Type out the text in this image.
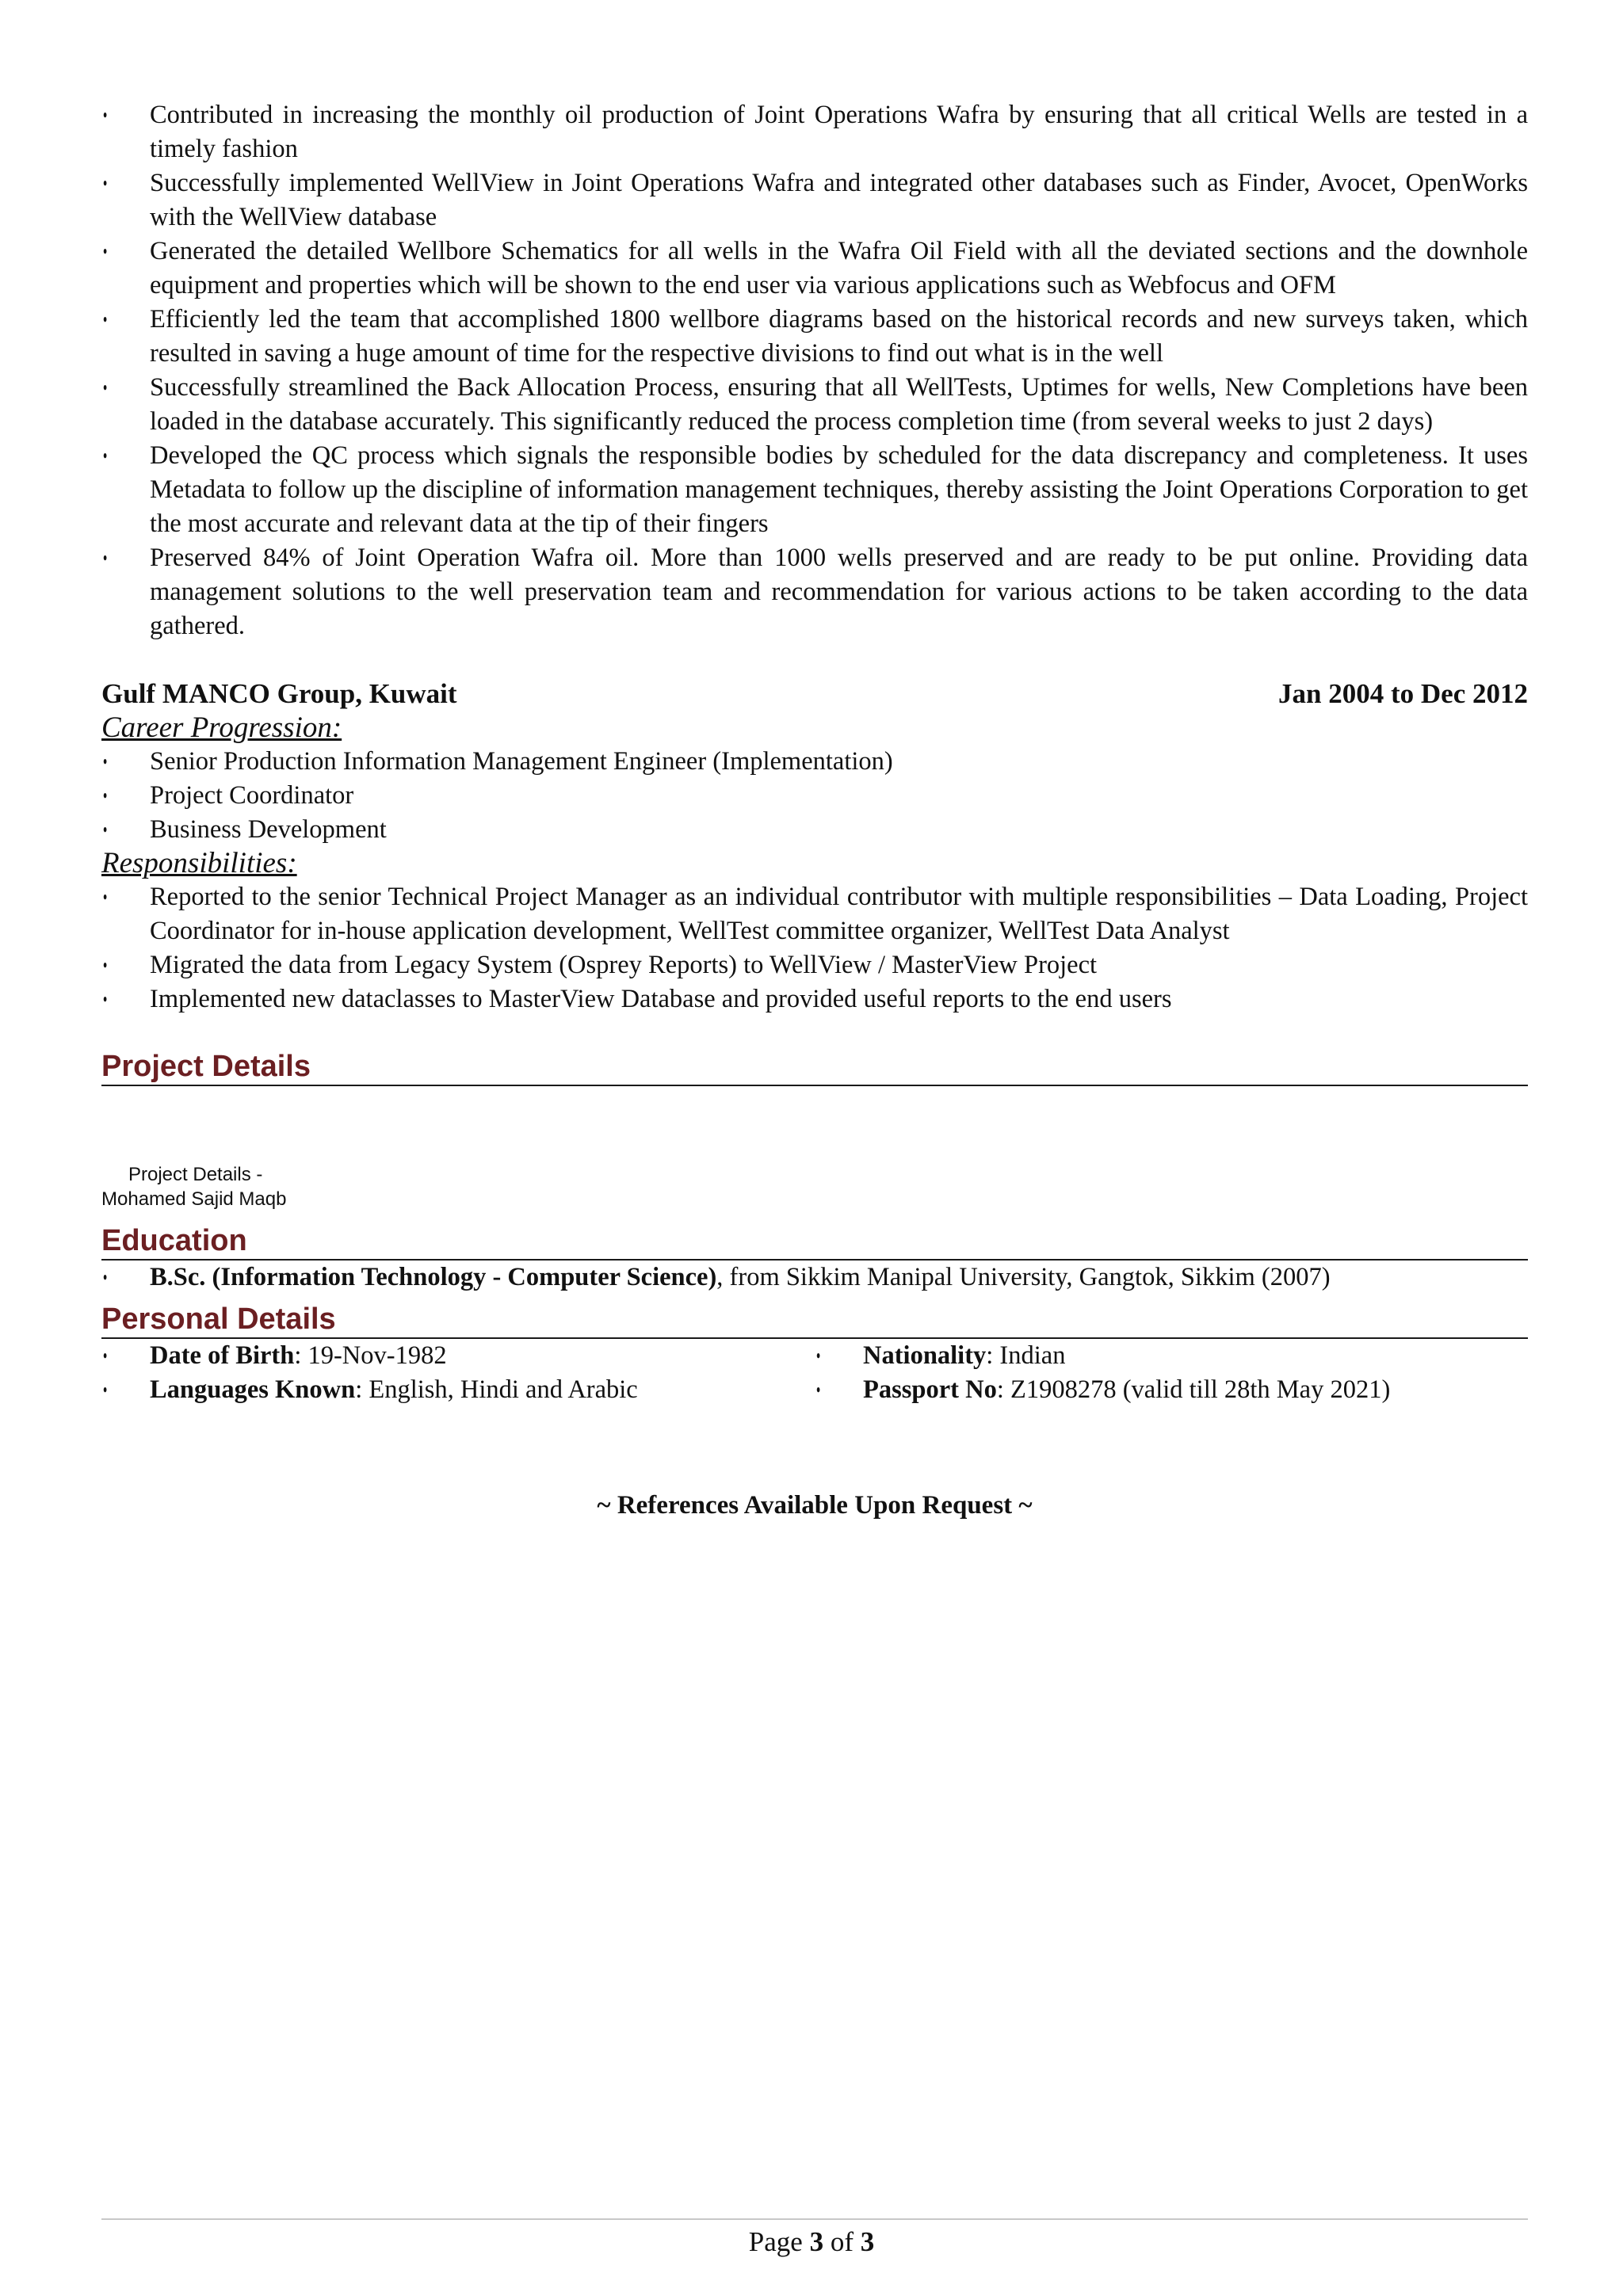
• Contributed in increasing the monthly oil production of Joint Operations Wafra by ensuring that all critical Wells are tested in a timely fashion
• Successfully implemented WellView in Joint Operations Wafra and integrated other databases such as Finder, Avocet, OpenWorks with the WellView database
• Generated the detailed Wellbore Schematics for all wells in the Wafra Oil Field with all the deviated sections and the downhole equipment and properties which will be shown to the end user via various applications such as Webfocus and OFM
• Efficiently led the team that accomplished 1800 wellbore diagrams based on the historical records and new surveys taken, which resulted in saving a huge amount of time for the respective divisions to find out what is in the well
• Successfully streamlined the Back Allocation Process, ensuring that all WellTests, Uptimes for wells, New Completions have been loaded in the database accurately. This significantly reduced the process completion time (from several weeks to just 2 days)
• Developed the QC process which signals the responsible bodies by scheduled for the data discrepancy and completeness. It uses Metadata to follow up the discipline of information management techniques, thereby assisting the Joint Operations Corporation to get the most accurate and relevant data at the tip of their fingers
• Preserved 84% of Joint Operation Wafra oil. More than 1000 wells preserved and are ready to be put online. Providing data management solutions to the well preservation team and recommendation for various actions to be taken according to the data gathered.
Gulf MANCO Group, Kuwait	Jan 2004 to Dec 2012
Career Progression:
• Senior Production Information Management Engineer (Implementation)
• Project Coordinator
• Business Development
Responsibilities:
• Reported to the senior Technical Project Manager as an individual contributor with multiple responsibilities – Data Loading, Project Coordinator for in-house application development, WellTest committee organizer, WellTest Data Analyst
• Migrated the data from Legacy System (Osprey Reports) to WellView / MasterView Project
• Implemented new dataclasses to MasterView Database and provided useful reports to the end users
Project Details
Project Details -
Mohamed Sajid Maqb
Education
• B.Sc. (Information Technology - Computer Science), from Sikkim Manipal University, Gangtok, Sikkim (2007)
Personal Details
• Date of Birth: 19-Nov-1982
• Languages Known: English, Hindi and Arabic
• Nationality: Indian
• Passport No: Z1908278 (valid till 28th May 2021)
~ References Available Upon Request ~
Page 3 of 3
